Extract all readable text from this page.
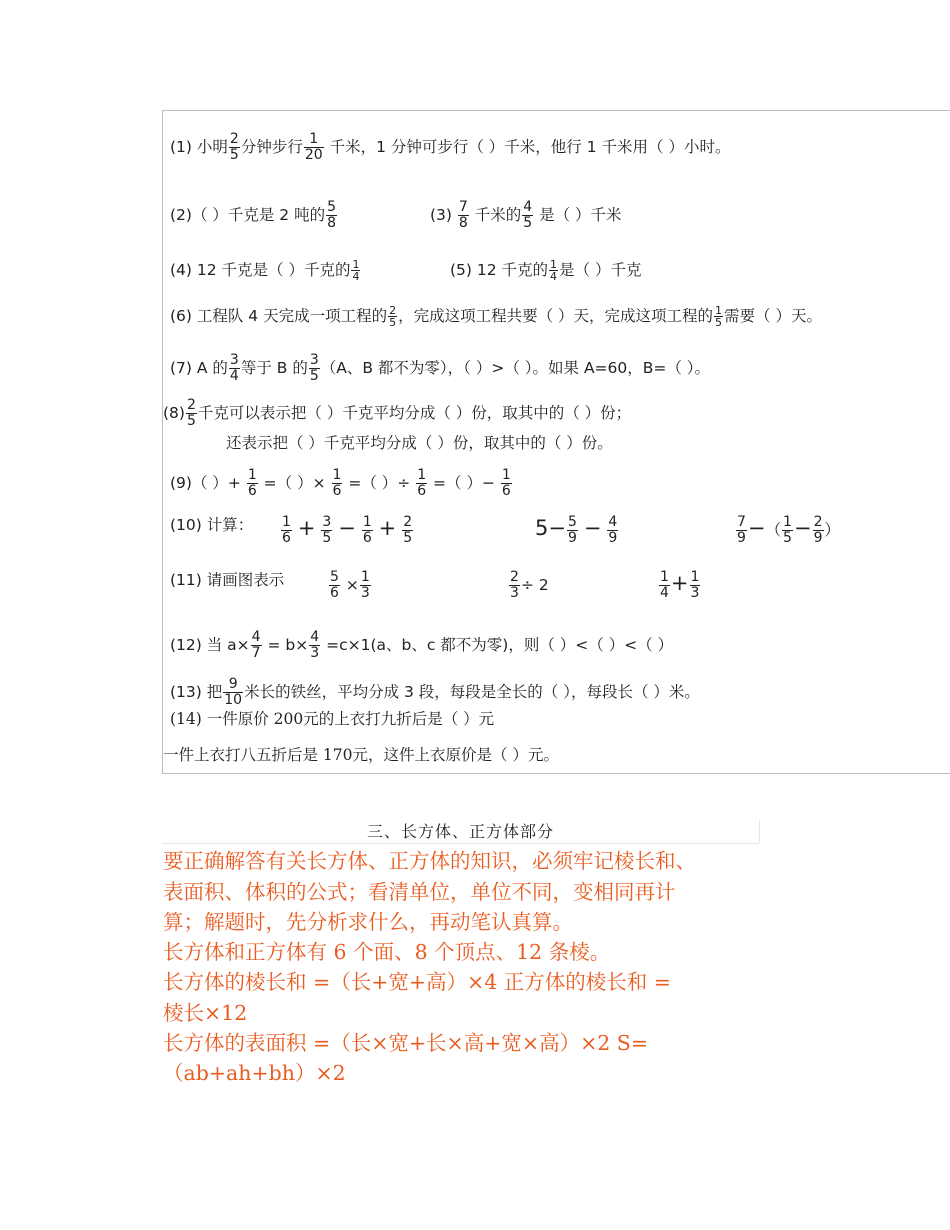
(1) 小明 $\frac{2}{5}$ 分钟步行 $\frac{1}{20}$ 千米，1 分钟可步行（ ）千米，他行 1 千米用（ ）小时。
(2)（ ）千克是 2 吨的 $\frac{5}{8}$	$(3) \frac{7}{8}$ 千米的 $\frac{4}{5}$ 是（ ）千米
(4) 12 千克是（ ）千克的 $\frac{1}{4}$	(5) 12 千克的 $\frac{1}{4}$ 是（ ）千克
(6) 工程队 4 天完成一项工程的 $\frac{2}{5}$ ，完成这项工程共要（ ）天，完成这项工程的 $\frac{1}{5}$ 需要（ ）天。
(7) A 的 $\frac{3}{4}$ 等于 B 的 $\frac{3}{5} (A$、B 都不为零），（ ）>（ ）。如果 A=60，B=（ ）。
$(8) \frac{2}{5}$ 千克可以表示把（ ）千克平均分成（ ）份，取其中的（ ）份；
还表示把（ ）千克平均分成（ ）份，取其中的（ ）份。
(9)（ ）+ $\frac{1}{6}$ =（ ）× $\frac{1}{6}$ =（ ）÷ $\frac{1}{6}$ =（ ）− $\frac{1}{6}$
(10) 计算： $\frac{1}{6} + \frac{3}{5} - \frac{1}{6} + \frac{2}{5}$	$5- \frac{5}{9} - \frac{4}{9}$	$\frac{7}{9}$ −（ $\frac{1}{5} - \frac{2}{9}$ ）
(11) 请画图表示	$\frac{5}{6} \times \frac{1}{3}$	$\frac{2}{3} \div 2$	$\frac{1}{4} + \frac{1}{3}$
(12) 当 $a\times \frac{4}{7} = b\times \frac{4}{3} =c\times 1(a$、b、c 都不为零)，则（ ）<（ ）<（ ）
(13) 把 $\frac{9}{10}$ 米长的铁丝，平均分成 3 段，每段是全长的（ ），每段长（ ）米。
(14) 一件原价 200元的上衣打九折后是（ ）元
一件上衣打八五折后是 170元，这件上衣原价是（ ）元。
三、长方体、正方体部分
要正确解答有关长方体、正方体的知识，必须牢记棱长和、
表面积、体积的公式；看清单位，单位不同，变相同再计
算；解题时，先分析求什么，再动笔认真算。
长方体和正方体有 6 个面、8 个顶点、12 条棱。
长方体的棱长和 =（长+宽+高）×4 正方体的棱长和 =
棱长×12
长方体的表面积 =（长×宽+长×高+宽×高）×2 S=
（ab+ah+bh）×2
